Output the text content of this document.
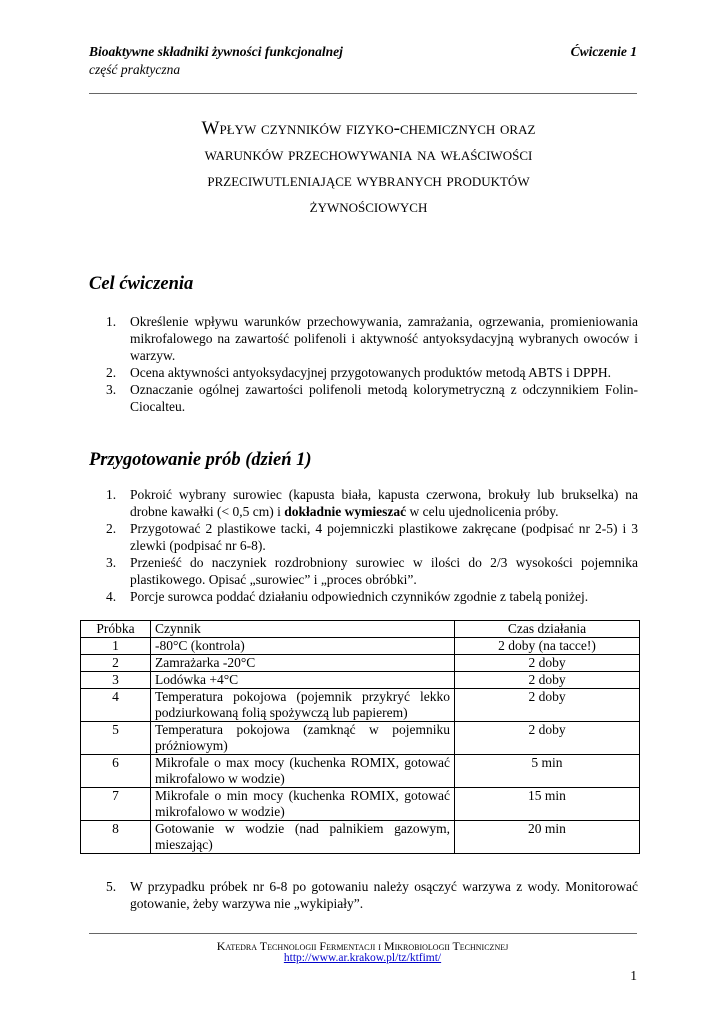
Bioaktywne składniki żywności funkcjonalnej	Ćwiczenie 1
część praktyczna
Wpływ czynników fizyko-chemicznych oraz
warunków przechowywania na właściwości
przeciwutleniające wybranych produktów
żywnościowych
Cel ćwiczenia
1. Określenie wpływu warunków przechowywania, zamrażania, ogrzewania, promieniowania mikrofalowego na zawartość polifenoli i aktywność antyoksydacyjną wybranych owoców i warzyw.
2. Ocena aktywności antyoksydacyjnej przygotowanych produktów metodą ABTS i DPPH.
3. Oznaczanie ogólnej zawartości polifenoli metodą kolorymetryczną z odczynnikiem Folin-Ciocalteu.
Przygotowanie prób (dzień 1)
1. Pokroić wybrany surowiec (kapusta biała, kapusta czerwona, brokuły lub brukselka) na drobne kawałki (< 0,5 cm) i dokładnie wymieszać w celu ujednolicenia próby.
2. Przygotować 2 plastikowe tacki, 4 pojemniczki plastikowe zakręcane (podpisać nr 2-5) i 3 zlewki (podpisać nr 6-8).
3. Przenieść do naczyniek rozdrobniony surowiec w ilości do 2/3 wysokości pojemnika plastikowego. Opisać „surowiec” i „proces obróbki”.
4. Porcje surowca poddać działaniu odpowiednich czynników zgodnie z tabelą poniżej.
Próbka	Czynnik	Czas działania
1	-80°C (kontrola)	2 doby (na tacce!)
2	Zamrażarka -20°C	2 doby
3	Lodówka +4°C	2 doby
4	Temperatura pokojowa (pojemnik przykryć lekko podziurkowaną folią spożywczą lub papierem)	2 doby
5	Temperatura pokojowa (zamknąć w pojemniku próżniowym)	2 doby
6	Mikrofale o max mocy (kuchenka ROMIX, gotować mikrofalowo w wodzie)	5 min
7	Mikrofale o min mocy (kuchenka ROMIX, gotować mikrofalowo w wodzie)	15 min
8	Gotowanie w wodzie (nad palnikiem gazowym, mieszając)	20 min
5. W przypadku próbek nr 6-8 po gotowaniu należy osączyć warzywa z wody. Monitorować gotowanie, żeby warzywa nie „wykipiały”.
Katedra Technologii Fermentacji i Mikrobiologii Technicznej
http://www.ar.krakow.pl/tz/ktfimt/
1
